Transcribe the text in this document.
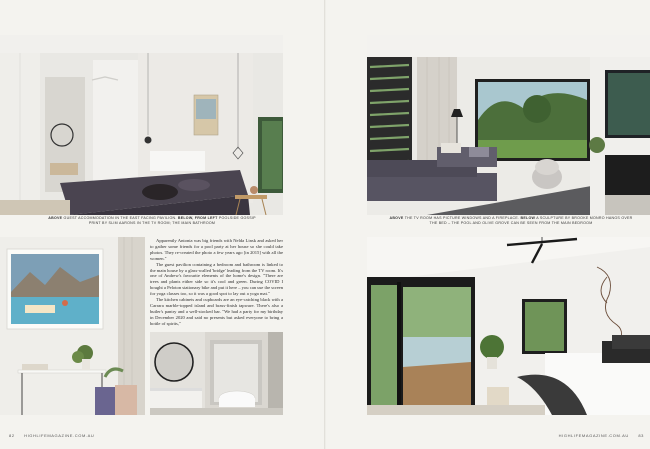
ABOVE GUEST ACCOMMODATION IN THE EAST FACING PAVILION. BELOW, FROM LEFT POOLSIDE GOSSIP PRINT BY SLIM AARONS IN THE TV ROOM; THE MAIN BATHROOM

Apparently Antonia was big friends with Nelda Linsk and asked her to gather some friends for a pool party at her house so she could take photos. They re-created the photo a few years ago [in 2015] with all the women."

The guest pavilion containing a bedroom and bathroom is linked to the main house by a glass-walled 'bridge' leading from the TV room. It's one of Andrew's favourite elements of the home's design. "There are trees and plants either side so it's cool and green. During COVID I bought a Peloton stationary bike and put it here – you can use the screen for yoga classes too, so it was a good spot to lay out a yoga mat."

The kitchen cabinets and cupboards are an eye-catching black with a Carrara marble-topped island and brass-finish tapware. There's also a butler's pantry and a well-stocked bar. "We had a party for my birthday in December 2020 and said no presents but asked everyone to bring a bottle of spirits,"

82 HIGHLIFEMAGAZINE.COM.AU
ABOVE THE TV ROOM HAS PICTURE WINDOWS AND A FIREPLACE. BELOW A SCULPTURE BY BROOKE MONRO HANGS OVER THE BED – THE POOL AND OLIVE GROVE CAN BE SEEN FROM THE MAIN BEDROOM
HIGHLIFEMAGAZINE.COM.AU 83
